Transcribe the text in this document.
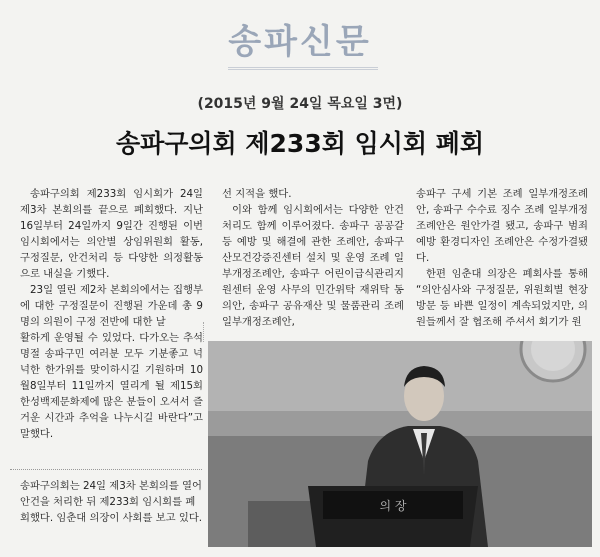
송파신문
(2015년 9월 24일 목요일 3면)
송파구의회 제233회 임시회 폐회

송파구의회 제233회 임시회가 24일 제3차 본회의를 끝으로 폐회했다. 지난 16일부터 24일까지 9일간 진행된 이번 임시회에서는 의안별 상임위원회 활동, 구정질문, 안건처리 등 다양한 의정활동으로 내실을 기했다.

23일 열린 제2차 본회의에서는 집행부에 대한 구정질문이 진행된 가운데 총 9명의 의원이 구정 전반에 대한 날

활하게 운영될 수 있었다. 다가오는 추석명절 송파구민 여러분 모두 기분좋고 넉넉한 한가위를 맞이하시길 기원하며 10월8일부터 11일까지 열리게 될 제15회 한성백제문화제에 많은 분들이 오셔서 즐거운 시간과 추억을 나누시길 바란다”고 말했다.

선 지적을 했다.

이와 함께 임시회에서는 다양한 안건처리도 함께 이루어졌다. 송파구 공공갈등 예방 및 해결에 관한 조례안, 송파구 산모건강증진센터 설치 및 운영 조례 일부개정조례안, 송파구 어린이급식관리지원센터 운영 사무의 민간위탁 재위탁 동의안, 송파구 공유재산 및 물품관리 조례 일부개정조례안,

송파구 구세 기본 조례 일부개정조례안, 송파구 수수료 징수 조례 일부개정조례안은 원안가결 됐고, 송파구 범죄예방 환경디자인 조례안은 수정가결됐다.

한편 임춘대 의장은 폐회사를 통해 “의안심사와 구정질문, 위원회별 현장방문 등 바쁜 일정이 계속되었지만, 의원들께서 잘 협조해 주셔서 회기가 원

송파구의회는 24일 제3차 본회의를 열어 안건을 처리한 뒤 제233회 임시회를 폐회했다. 임춘대 의장이 사회를 보고 있다.
의 장
